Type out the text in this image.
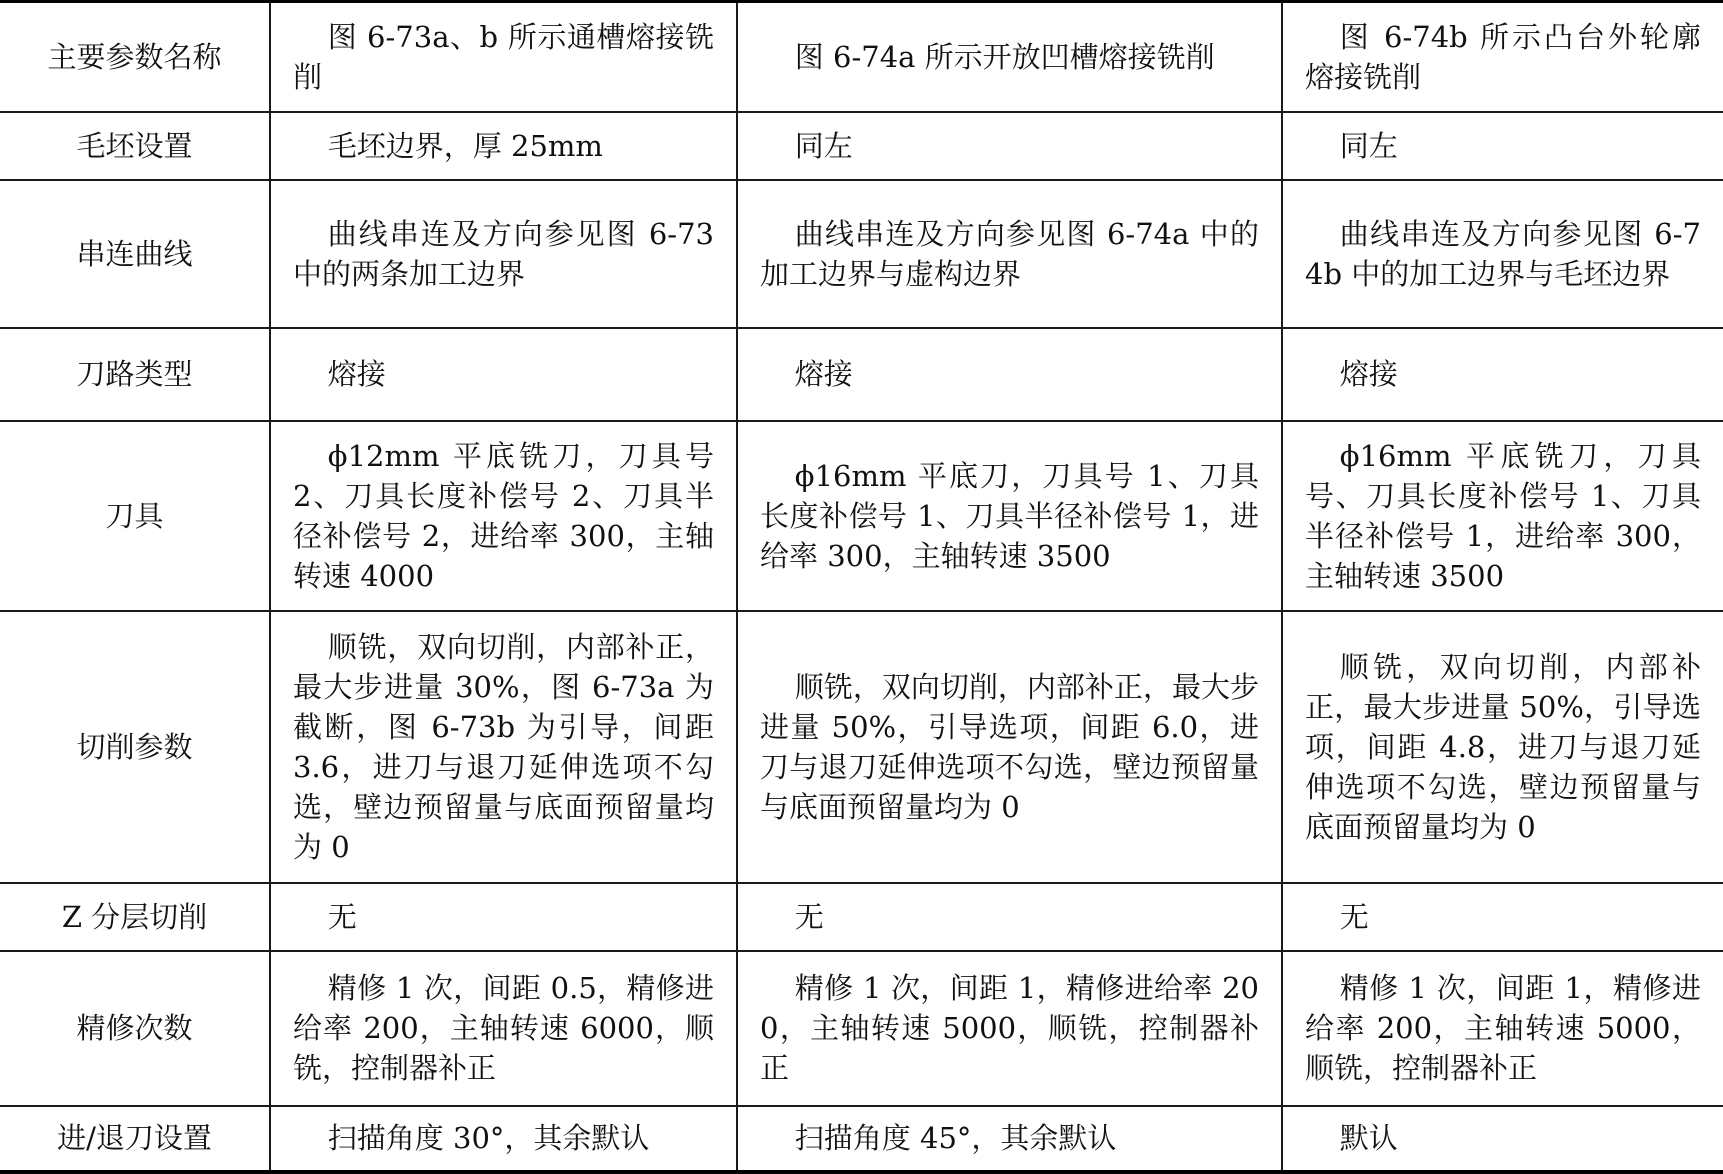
主要参数名称	图 6-73a、b 所示通槽熔接铣削	图 6-74a 所示开放凹槽熔接铣削	图 6-74b 所示凸台外轮廓熔接铣削

毛坯设置	毛坯边界，厚 25mm	同左	同左

串连曲线	曲线串连及方向参见图 6-73 中的两条加工边界	曲线串连及方向参见图 6-74a 中的加工边界与虚构边界	曲线串连及方向参见图 6-74b 中的加工边界与毛坯边界

刀路类型	熔接	熔接	熔接

刀具	ϕ12mm 平底铣刀，刀具号 2、刀具长度补偿号 2、刀具半径补偿号 2，进给率 300，主轴转速 4000	ϕ16mm 平底刀，刀具号 1、刀具长度补偿号 1、刀具半径补偿号 1，进给率 300，主轴转速 3500	ϕ16mm 平底铣刀，刀具号、刀具长度补偿号 1、刀具半径补偿号 1，进给率 300，主轴转速 3500

切削参数	顺铣，双向切削，内部补正，最大步进量 30%，图 6-73a 为截断，图 6-73b 为引导，间距 3.6，进刀与退刀延伸选项不勾选，壁边预留量与底面预留量均为 0	顺铣，双向切削，内部补正，最大步进量 50%，引导选项，间距 6.0，进刀与退刀延伸选项不勾选，壁边预留量与底面预留量均为 0	顺铣，双向切削，内部补正，最大步进量 50%，引导选项，间距 4.8，进刀与退刀延伸选项不勾选，壁边预留量与底面预留量均为 0

Z 分层切削	无	无	无

精修次数	精修 1 次，间距 0.5，精修进给率 200，主轴转速 6000，顺铣，控制器补正	精修 1 次，间距 1，精修进给率 200，主轴转速 5000，顺铣，控制器补正	精修 1 次，间距 1，精修进给率 200，主轴转速 5000，顺铣，控制器补正

进/退刀设置	扫描角度 30°，其余默认	扫描角度 45°，其余默认	默认
